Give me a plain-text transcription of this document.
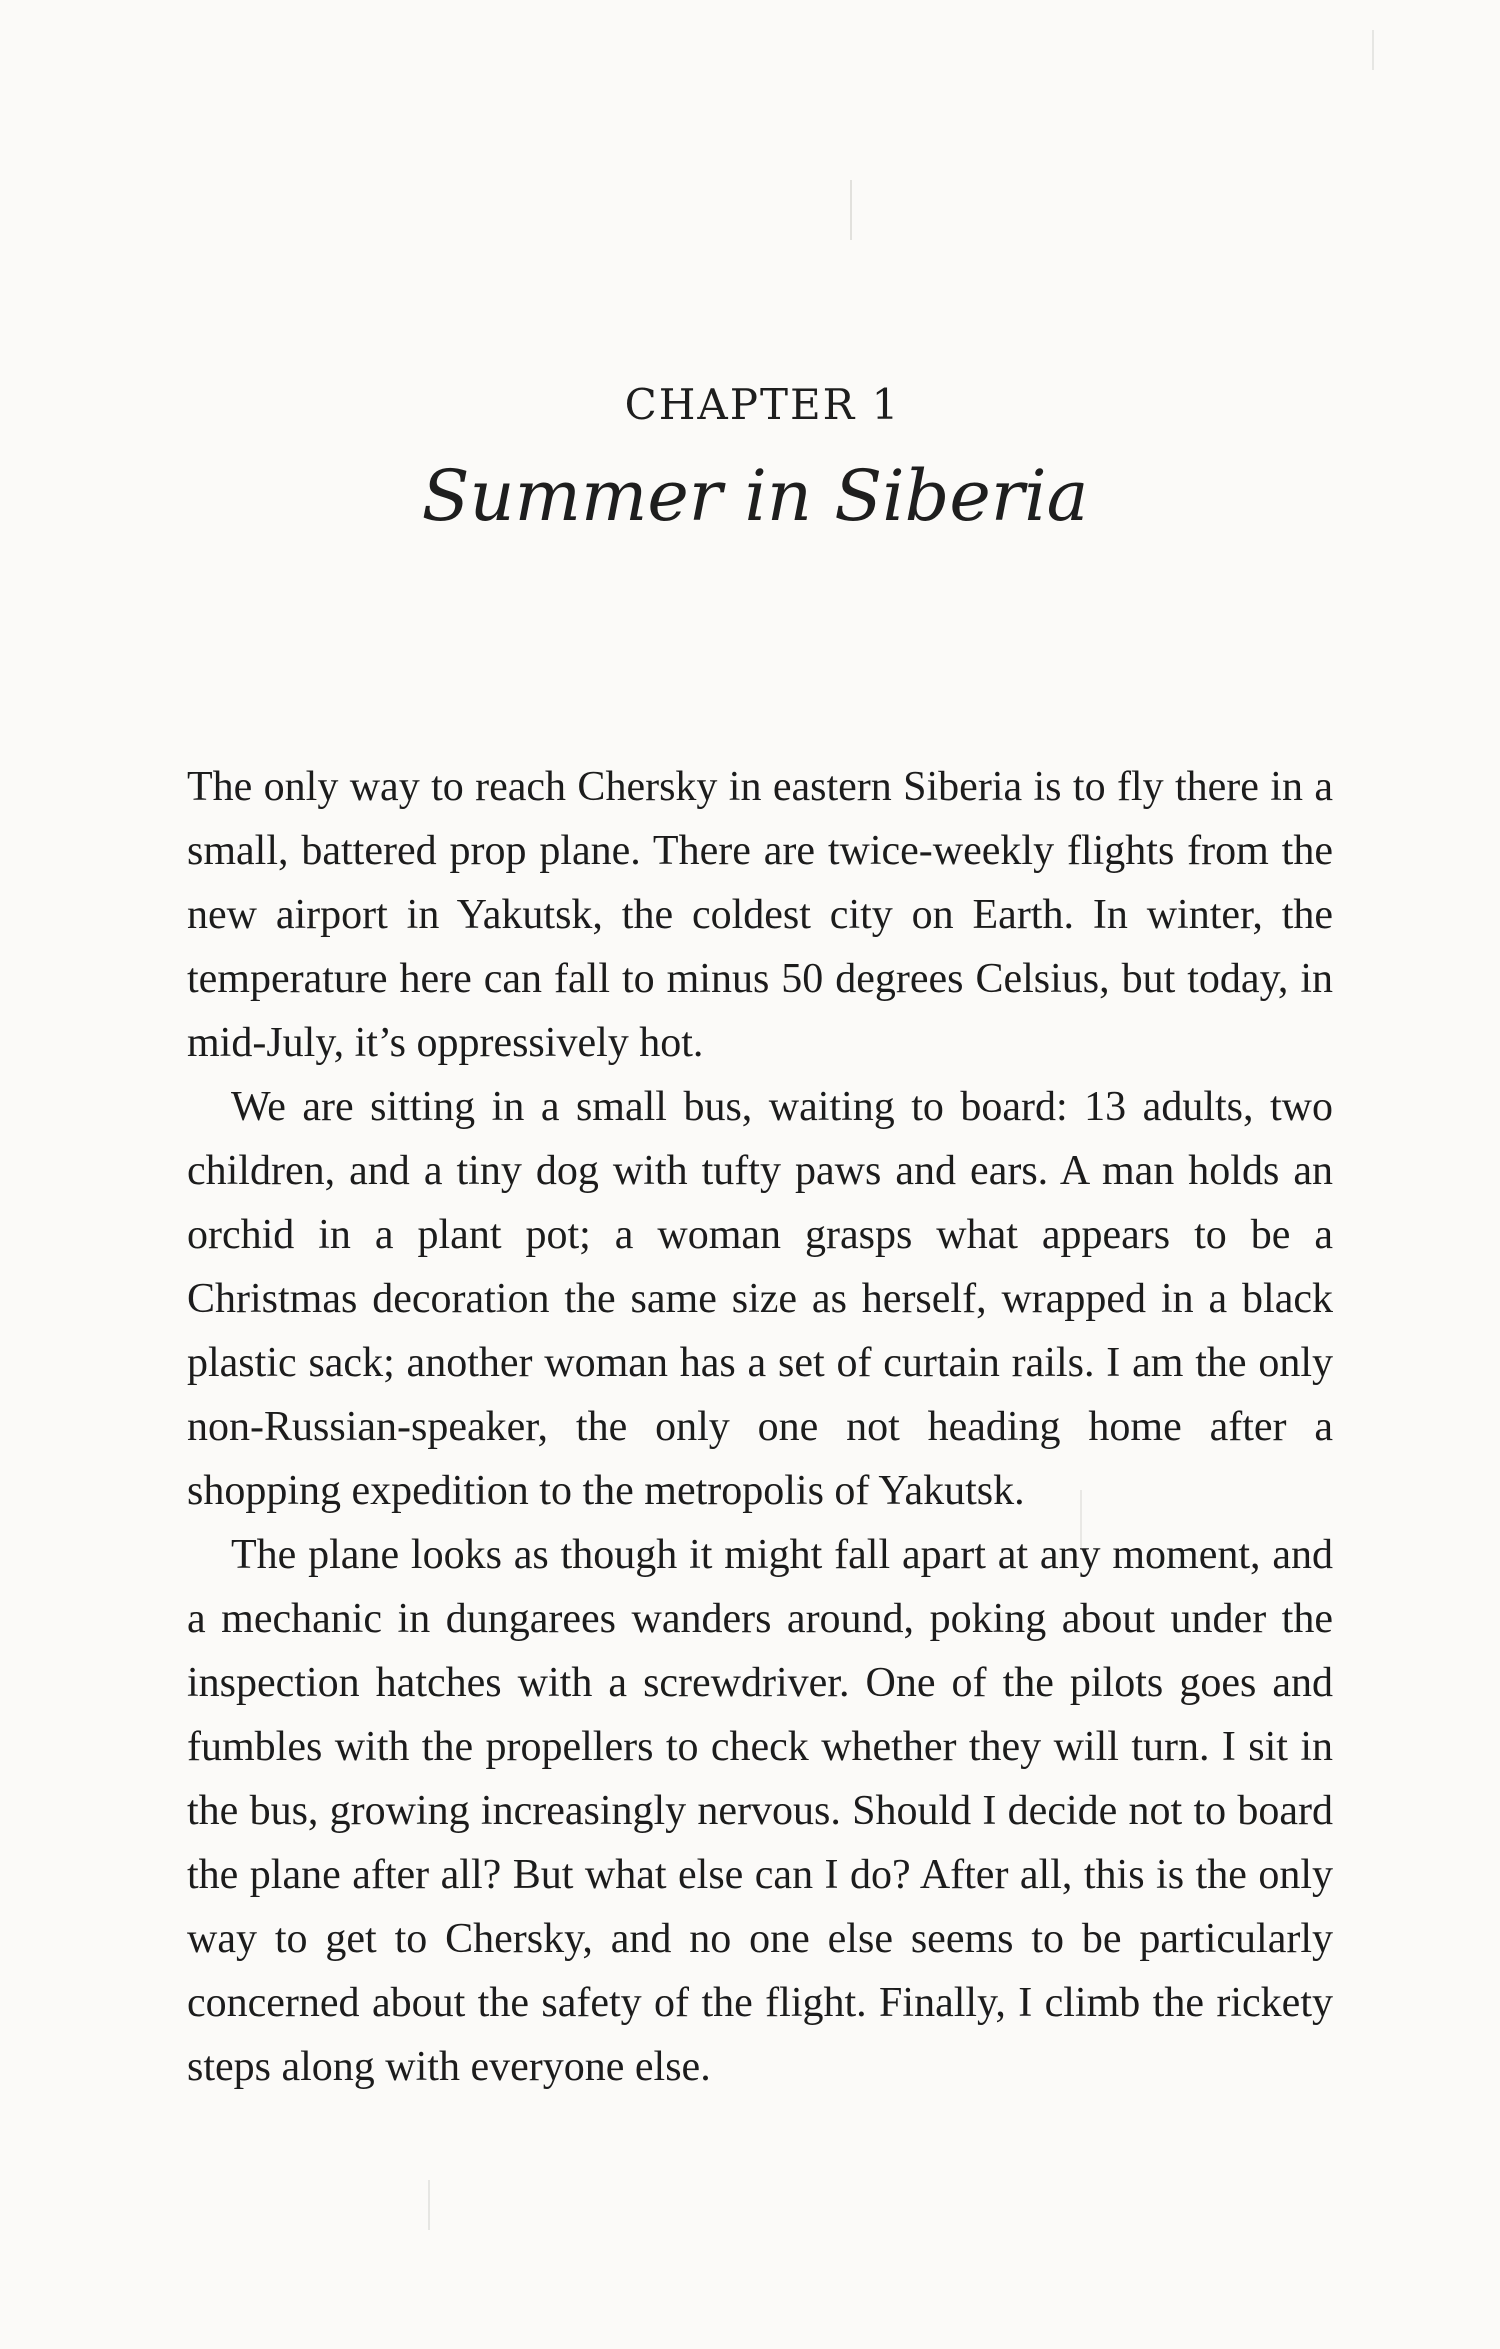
CHAPTER 1
Summer in Siberia

The only way to reach Chersky in eastern Siberia is to fly there in a small, battered prop plane. There are twice-weekly flights from the new airport in Yakutsk, the coldest city on Earth. In winter, the temperature here can fall to minus 50 degrees Celsius, but today, in mid-July, it’s oppressively hot.

We are sitting in a small bus, waiting to board: 13 adults, two children, and a tiny dog with tufty paws and ears. A man holds an orchid in a plant pot; a woman grasps what appears to be a Christmas decoration the same size as herself, wrapped in a black plastic sack; another woman has a set of curtain rails. I am the only non-Russian-speaker, the only one not heading home after a shopping expedition to the metropolis of Yakutsk.

The plane looks as though it might fall apart at any moment, and a mechanic in dungarees wanders around, poking about under the inspection hatches with a screwdriver. One of the pilots goes and fumbles with the propellers to check whether they will turn. I sit in the bus, growing increasingly nervous. Should I decide not to board the plane after all? But what else can I do? After all, this is the only way to get to Chersky, and no one else seems to be particularly concerned about the safety of the flight. Finally, I climb the rickety steps along with everyone else.
